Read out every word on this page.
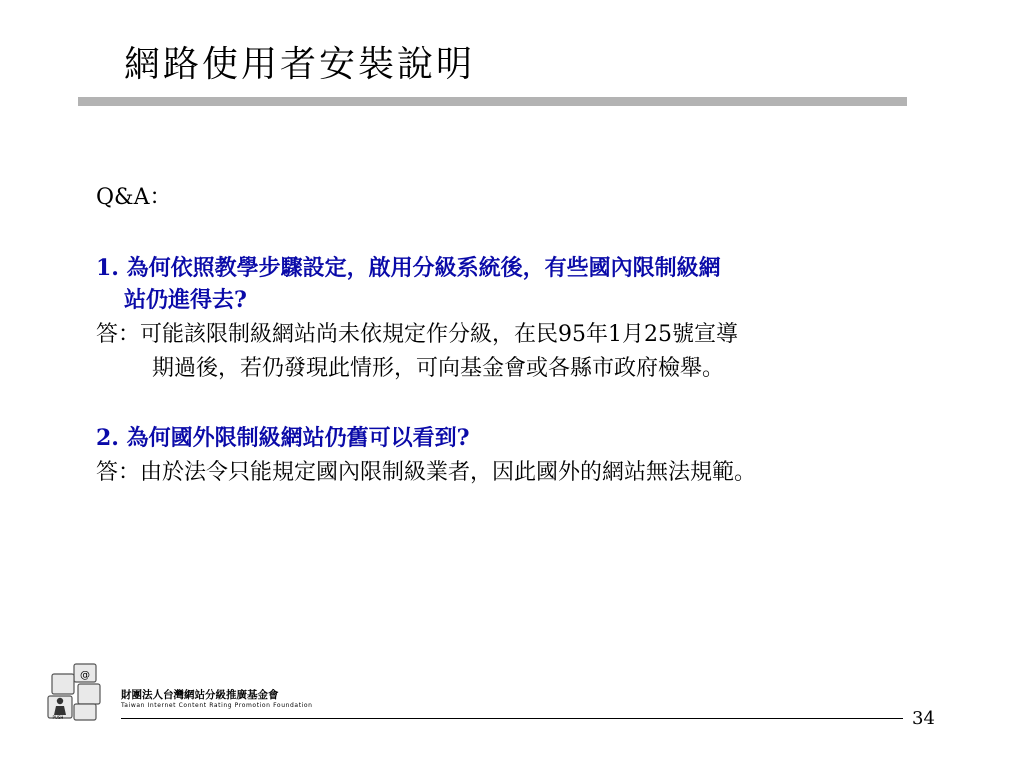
網路使用者安裝說明
Q&A：
1. 為何依照教學步驟設定，啟用分級系統後，有些國內限制級網
站仍進得去?
答：可能該限制級網站尚未依規定作分級，在民95年1月25號宣導
期過後，若仍發現此情形，可向基金會或各縣市政府檢舉。
2. 為何國外限制級網站仍舊可以看到?
答：由於法令只能規定國內限制級業者，因此國外的網站無法規範。
@
PUSH
財團法人台灣網站分級推廣基金會
Taiwan Internet Content Rating Promotion Foundation
34
